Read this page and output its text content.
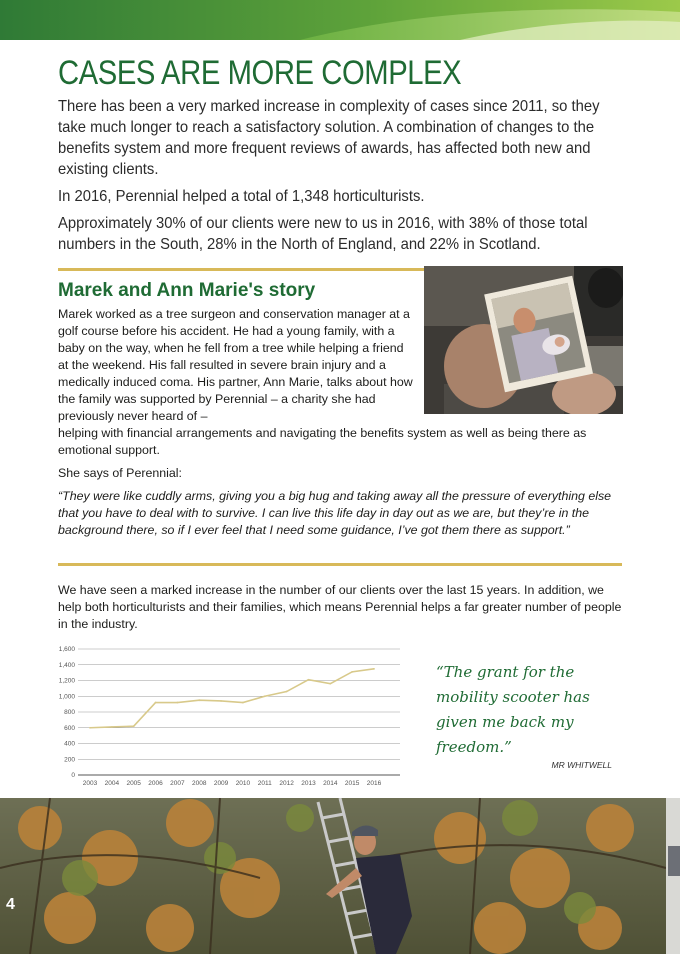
CASES ARE MORE COMPLEX

There has been a very marked increase in complexity of cases since 2011, so they take much longer to reach a satisfactory solution. A combination of changes to the benefits system and more frequent reviews of awards, has affected both new and existing clients.

In 2016, Perennial helped a total of 1,348 horticulturists.

Approximately 30% of our clients were new to us in 2016, with 38% of those total numbers in the South, 28% in the North of England, and 22% in Scotland.

Marek and Ann Marie's story

Marek worked as a tree surgeon and conservation manager at a golf course before his accident. He had a young family, with a baby on the way, when he fell from a tree while helping a friend at the weekend. His fall resulted in severe brain injury and a medically induced coma. His partner, Ann Marie, talks about how the family was supported by Perennial – a charity she had previously never heard of –

helping with financial arrangements and navigating the benefits system as well as being there as emotional support.

She says of Perennial:

“They were like cuddly arms, giving you a big hug and taking away all the pressure of everything else that you have to deal with to survive. I can live this life day in day out as we are, but they’re in the background there, so if I ever feel that I need some guidance, I’ve got them there as support.”

We have seen a marked increase in the number of our clients over the last 15 years. In addition, we help both horticulturists and their families, which means Perennial helps a far greater number of people in the industry.

0
200
400
600
800
1,000
1,200
1,400
1,600
2003 2004 2005 2006 2007 2008 2009 2010 2011 2012 2013 2014 2015 2016

“The grant for the mobility scooter has given me back my freedom.”

MR WHITWELL

4
